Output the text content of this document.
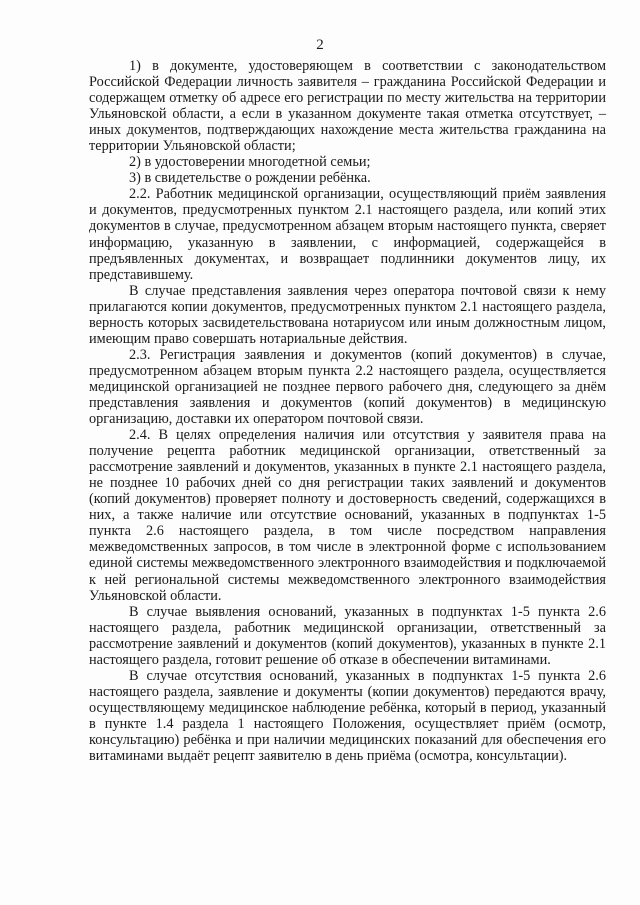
2

1) в документе, удостоверяющем в соответствии с законодательством Российской Федерации личность заявителя – гражданина Российской Федерации и содержащем отметку об адресе его регистрации по месту жительства на территории Ульяновской области, а если в указанном документе такая отметка отсутствует, – иных документов, подтверждающих нахождение места жительства гражданина на территории Ульяновской области;

2) в удостоверении многодетной семьи;

3) в свидетельстве о рождении ребёнка.

2.2. Работник медицинской организации, осуществляющий приём заявления и документов, предусмотренных пунктом 2.1 настоящего раздела, или копий этих документов в случае, предусмотренном абзацем вторым настоящего пункта, сверяет информацию, указанную в заявлении, с информацией, содержащейся в предъявленных документах, и возвращает подлинники документов лицу, их представившему.

В случае представления заявления через оператора почтовой связи к нему прилагаются копии документов, предусмотренных пунктом 2.1 настоящего раздела, верность которых засвидетельствована нотариусом или иным должностным лицом, имеющим право совершать нотариальные действия.

2.3. Регистрация заявления и документов (копий документов) в случае, предусмотренном абзацем вторым пункта 2.2 настоящего раздела, осуществляется медицинской организацией не позднее первого рабочего дня, следующего за днём представления заявления и документов (копий документов) в медицинскую организацию, доставки их оператором почтовой связи.

2.4. В целях определения наличия или отсутствия у заявителя права на получение рецепта работник медицинской организации, ответственный за рассмотрение заявлений и документов, указанных в пункте 2.1 настоящего раздела, не позднее 10 рабочих дней со дня регистрации таких заявлений и документов (копий документов) проверяет полноту и достоверность сведений, содержащихся в них, а также наличие или отсутствие оснований, указанных в подпунктах 1-5 пункта 2.6 настоящего раздела, в том числе посредством направления межведомственных запросов, в том числе в электронной форме с использованием единой системы межведомственного электронного взаимодействия и подключаемой к ней региональной системы межведомственного электронного взаимодействия Ульяновской области.

В случае выявления оснований, указанных в подпунктах 1-5 пункта 2.6 настоящего раздела, работник медицинской организации, ответственный за рассмотрение заявлений и документов (копий документов), указанных в пункте 2.1 настоящего раздела, готовит решение об отказе в обеспечении витаминами.

В случае отсутствия оснований, указанных в подпунктах 1-5 пункта 2.6 настоящего раздела, заявление и документы (копии документов) передаются врачу, осуществляющему медицинское наблюдение ребёнка, который в период, указанный в пункте 1.4 раздела 1 настоящего Положения, осуществляет приём (осмотр, консультацию) ребёнка и при наличии медицинских показаний для обеспечения его витаминами выдаёт рецепт заявителю в день приёма (осмотра, консультации).
